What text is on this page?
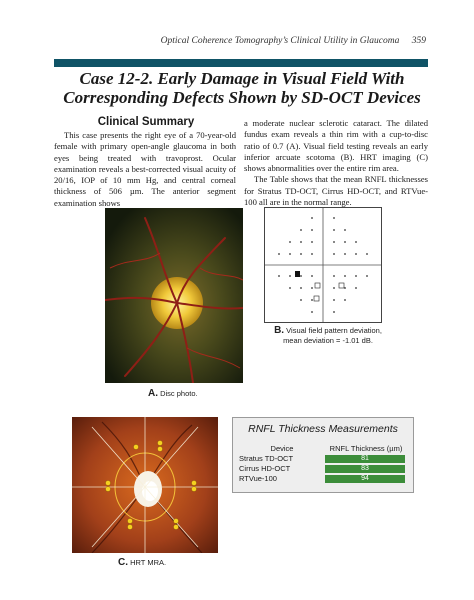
Optical Coherence Tomography’s Clinical Utility in Glaucoma 359
Case 12-2. Early Damage in Visual Field With Corresponding Defects Shown by SD-OCT Devices
Clinical Summary

This case presents the right eye of a 70-year-old female with primary open-angle glaucoma in both eyes being treated with travoprost. Ocular examination reveals a best-corrected visual acuity of 20/16, IOP of 10 mm Hg, and central corneal thickness of 506 µm. The anterior segment examination shows

a moderate nuclear sclerotic cataract. The dilated fundus exam reveals a thin rim with a cup-to-disc ratio of 0.7 (A). Visual field testing reveals an early inferior arcuate scotoma (B). HRT imaging (C) shows abnormalities over the entire rim area.

The Table shows that the mean RNFL thicknesses for Stratus TD-OCT, Cirrus HD-OCT, and RTVue-100 all are in the normal range.

A. Disc photo.
B. Visual field pattern deviation,
mean deviation = -1.01 dB.
C. HRT MRA.
RNFL Thickness Measurements
Device	RNFL Thickness (µm)
Stratus TD-OCT	81
Cirrus HD-OCT	83
RTVue-100	94
